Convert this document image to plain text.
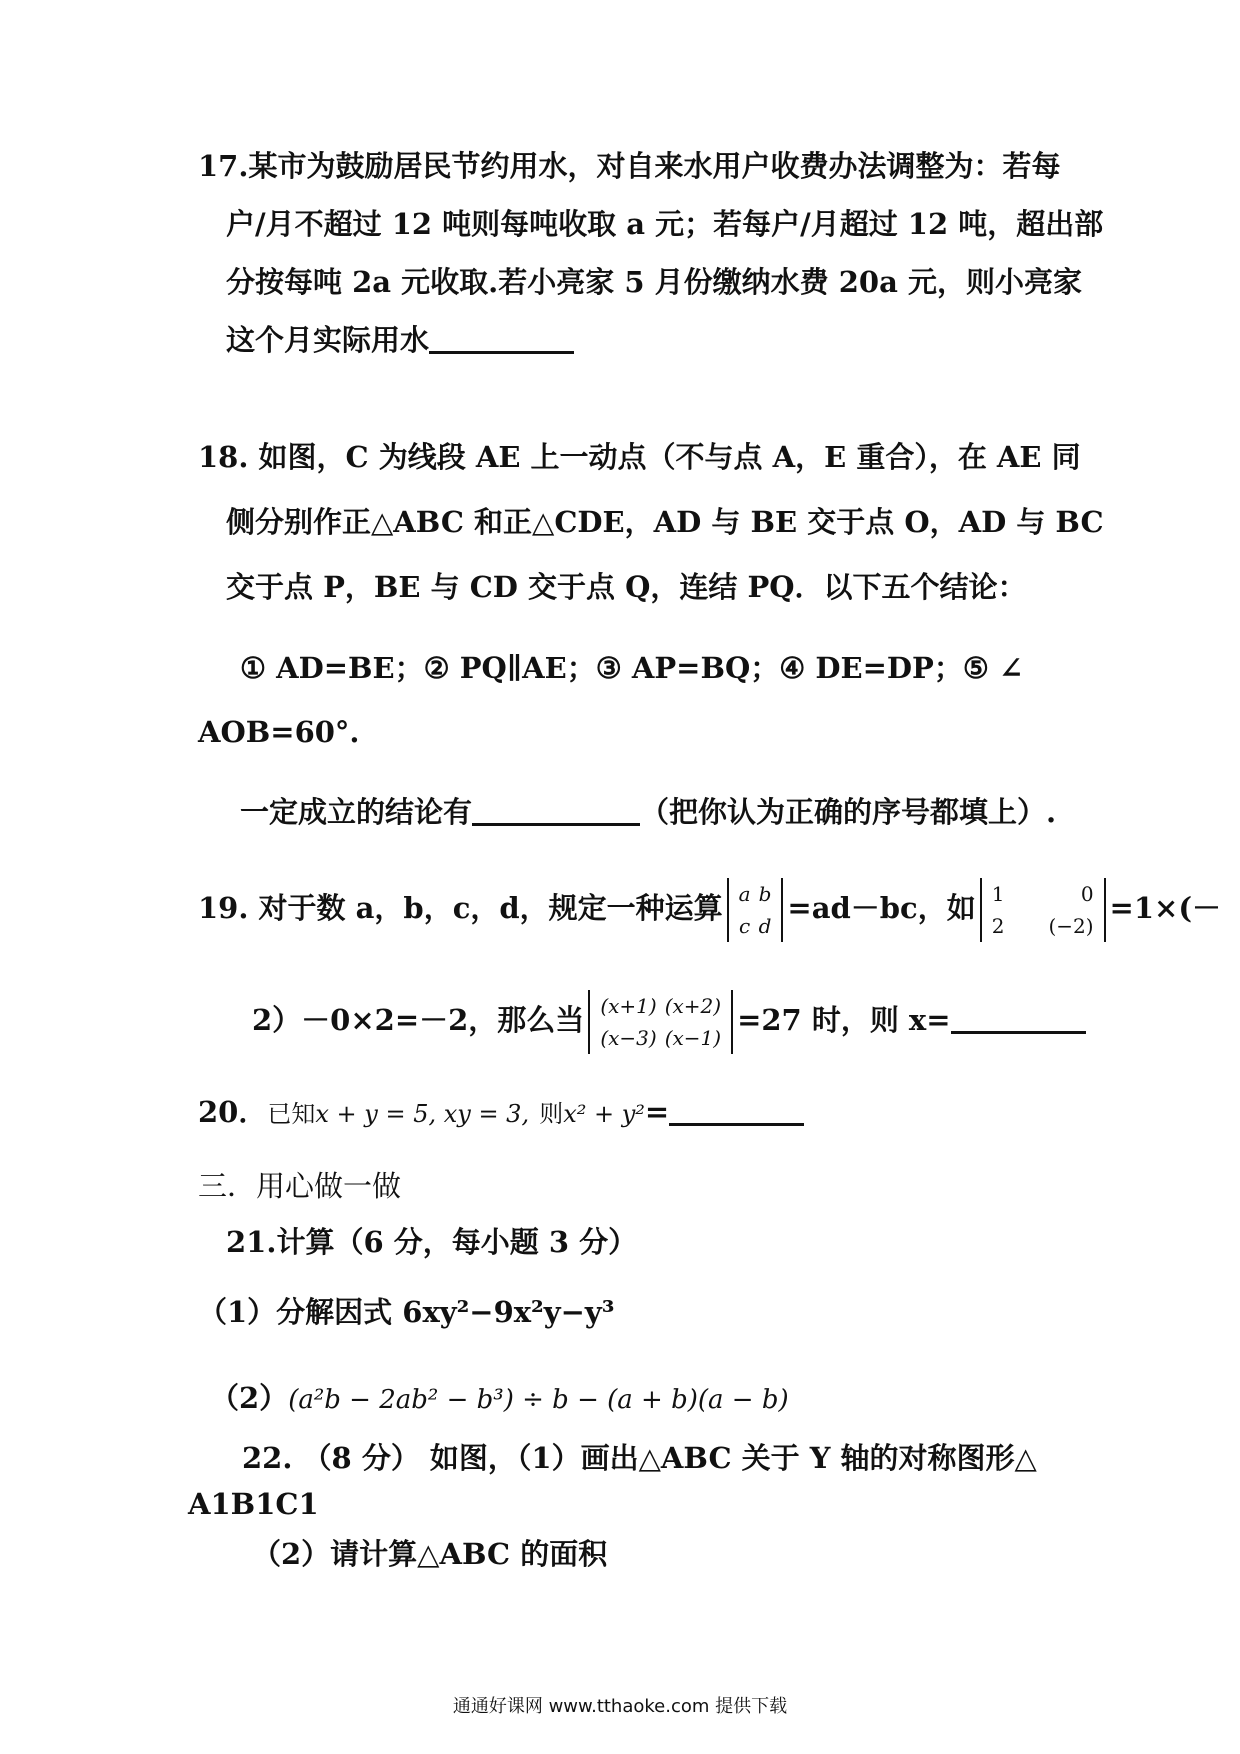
17.某市为鼓励居民节约用水，对自来水用户收费办法调整为：若每
户/月不超过 12 吨则每吨收取 a 元；若每户/月超过 12 吨，超出部
分按每吨 2a 元收取.若小亮家 5 月份缴纳水费 20a 元，则小亮家
这个月实际用水
18. 如图，C 为线段 AE 上一动点（不与点 A，E 重合），在 AE 同
侧分别作正△ABC 和正△CDE，AD 与 BE 交于点 O，AD 与 BC
交于点 P，BE 与 CD 交于点 Q，连结 PQ．以下五个结论：
① AD=BE；② PQ∥AE；③ AP=BQ；④ DE=DP；⑤ ∠
AOB=60°.
一定成立的结论有	（把你认为正确的序号都填上）.
19. 对于数 a，b，c，d，规定一种运算 a	b
c	d
=ad－bc，如 1	0
2	(−2)
=1×(－
2）－0×2=－2，那么当 (x+1)	(x+2)
(x−3)	(x−1)
=27 时，则 x=
20．已知x + y = 5, xy = 3, 则x² + y²=
三．用心做一做
21.计算（6 分，每小题 3 分）
（1）分解因式 6xy²−9x²y−y³
（2）(a²b − 2ab² − b³) ÷ b − (a + b)(a − b)
22. （8 分） 如图，（1）画出△ABC 关于 Y 轴的对称图形△
A1B1C1
（2）请计算△ABC 的面积
通通好课网 www.tthaoke.com 提供下载
